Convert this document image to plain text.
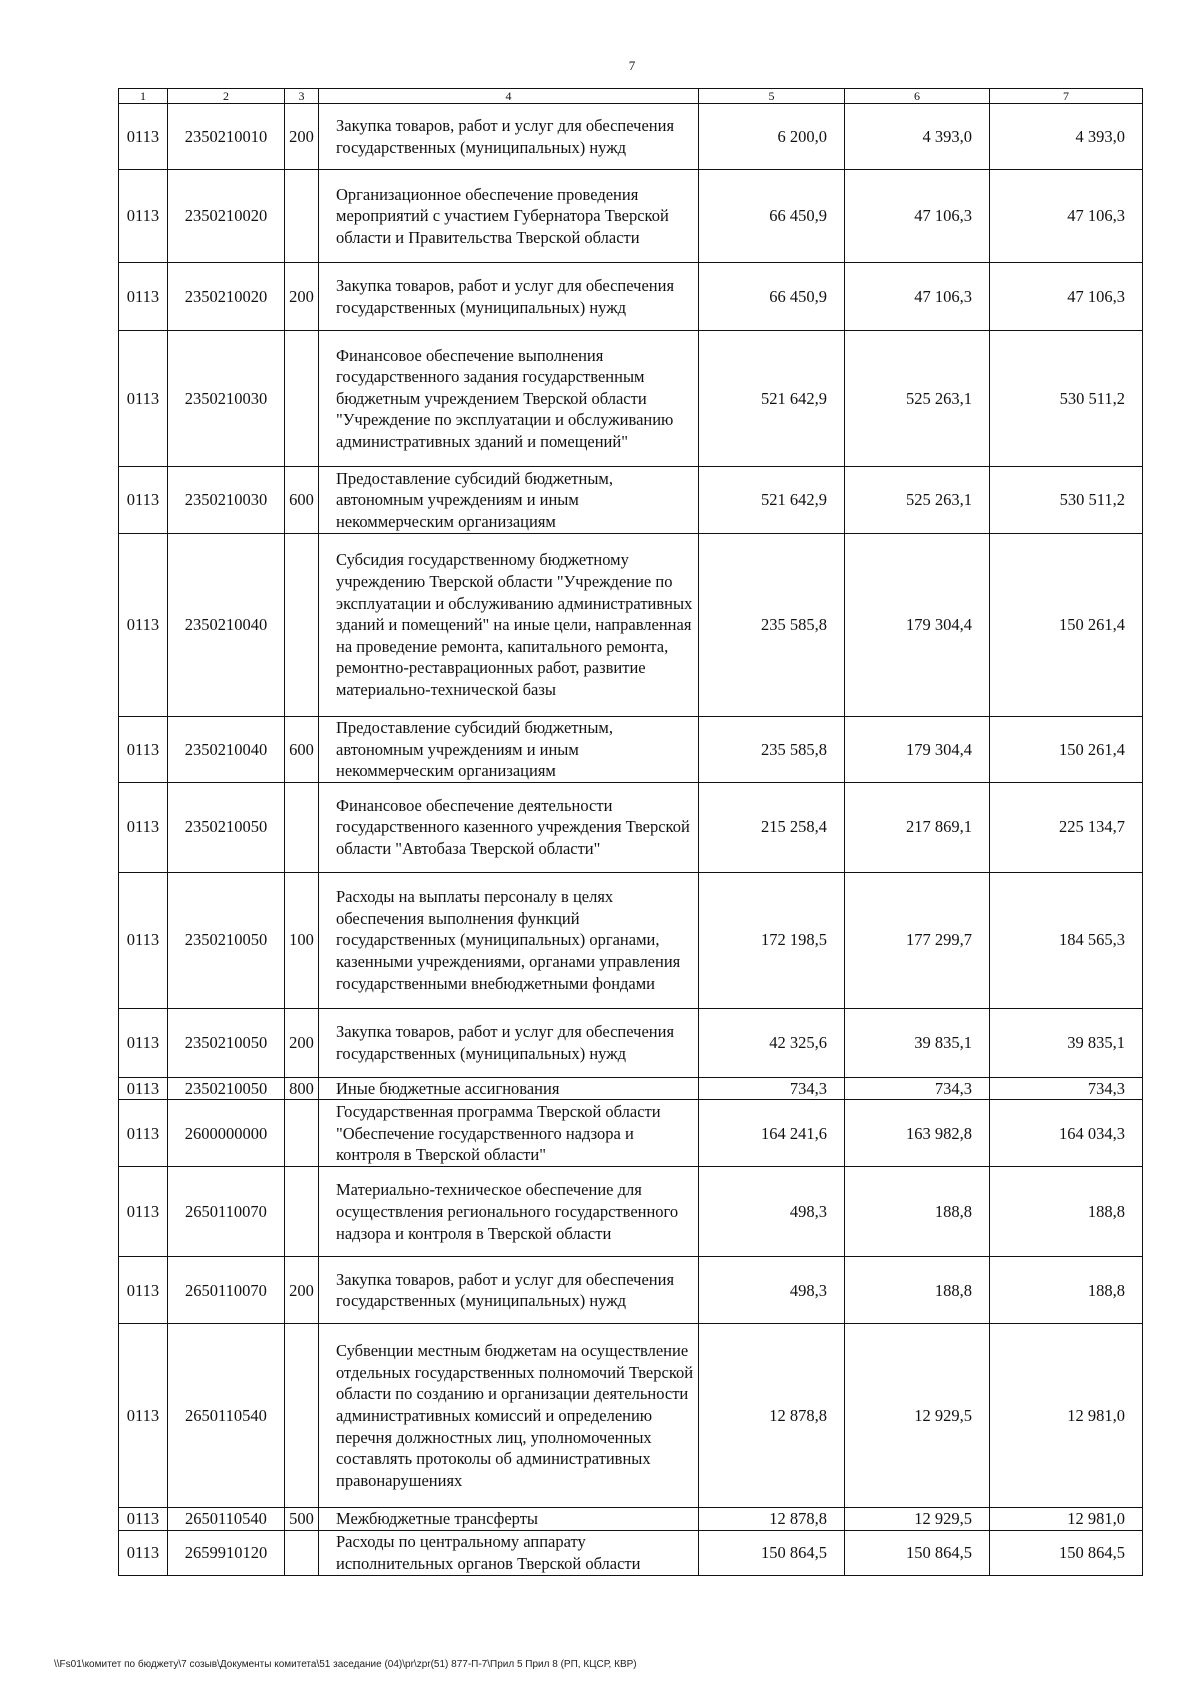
7
1	2	3	4	5	6	7
0113	2350210010	200	Закупка товаров, работ и услуг для обеспечения государственных (муниципальных) нужд	6 200,0	4 393,0	4 393,0
0113	2350210020		Организационное обеспечение проведения мероприятий с участием Губернатора Тверской области и Правительства Тверской области	66 450,9	47 106,3	47 106,3
0113	2350210020	200	Закупка товаров, работ и услуг для обеспечения государственных (муниципальных) нужд	66 450,9	47 106,3	47 106,3
0113	2350210030		Финансовое обеспечение выполнения государственного задания государственным бюджетным учреждением Тверской области "Учреждение по эксплуатации и обслуживанию административных зданий и помещений"	521 642,9	525 263,1	530 511,2
0113	2350210030	600	Предоставление субсидий бюджетным, автономным учреждениям и иным некоммерческим организациям	521 642,9	525 263,1	530 511,2
0113	2350210040		Субсидия государственному бюджетному учреждению Тверской области "Учреждение по эксплуатации и обслуживанию административных зданий и помещений" на иные цели, направленная на проведение ремонта, капитального ремонта, ремонтно-реставрационных работ, развитие материально-технической базы	235 585,8	179 304,4	150 261,4
0113	2350210040	600	Предоставление субсидий бюджетным, автономным учреждениям и иным некоммерческим организациям	235 585,8	179 304,4	150 261,4
0113	2350210050		Финансовое обеспечение деятельности государственного казенного учреждения Тверской области "Автобаза Тверской области"	215 258,4	217 869,1	225 134,7
0113	2350210050	100	Расходы на выплаты персоналу в целях обеспечения выполнения функций государственных (муниципальных) органами, казенными учреждениями, органами управления государственными внебюджетными фондами	172 198,5	177 299,7	184 565,3
0113	2350210050	200	Закупка товаров, работ и услуг для обеспечения государственных (муниципальных) нужд	42 325,6	39 835,1	39 835,1
0113	2350210050	800	Иные бюджетные ассигнования	734,3	734,3	734,3
0113	2600000000		Государственная программа Тверской области "Обеспечение государственного надзора и контроля в Тверской области"	164 241,6	163 982,8	164 034,3
0113	2650110070		Материально-техническое обеспечение для осуществления регионального государственного надзора и контроля в Тверской области	498,3	188,8	188,8
0113	2650110070	200	Закупка товаров, работ и услуг для обеспечения государственных (муниципальных) нужд	498,3	188,8	188,8
0113	2650110540		Субвенции местным бюджетам на осуществление отдельных государственных полномочий Тверской области по созданию и организации деятельности административных комиссий и определению перечня должностных лиц, уполномоченных составлять протоколы об административных правонарушениях	12 878,8	12 929,5	12 981,0
0113	2650110540	500	Межбюджетные трансферты	12 878,8	12 929,5	12 981,0
0113	2659910120		Расходы по центральному аппарату исполнительных органов Тверской области	150 864,5	150 864,5	150 864,5
\\Fs01\комитет по бюджету\7 созыв\Документы комитета\51 заседание (04)\pr\zpr(51) 877-П-7\Прил 5 Прил 8 (РП, КЦСР, КВР)
